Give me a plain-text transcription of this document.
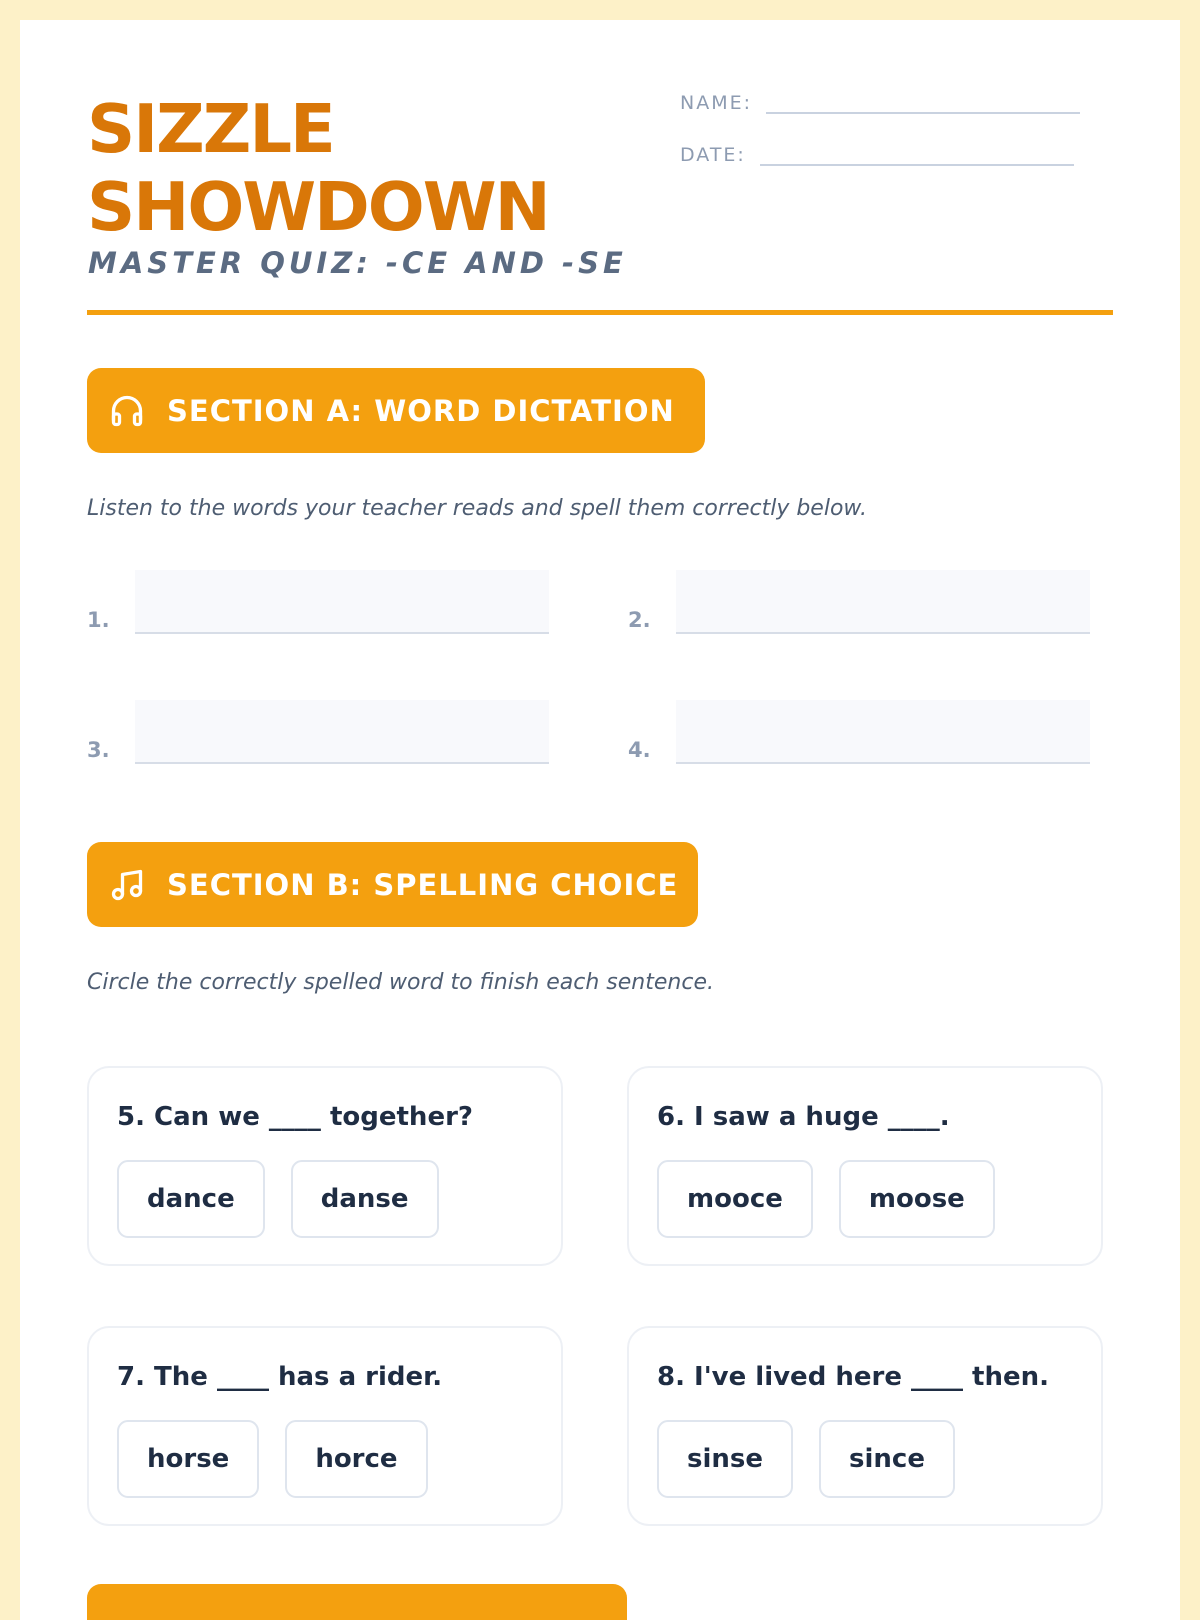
SIZZLE
SHOWDOWN
MASTER QUIZ: -CE AND -SE
NAME:
DATE:
SECTION A: WORD DICTATION
Listen to the words your teacher reads and spell them correctly below.
1.	2.
3.	4.
SECTION B: SPELLING CHOICE
Circle the correctly spelled word to finish each sentence.
5. Can we ____ together?
dance	danse
6. I saw a huge ____.
mooce	moose
7. The ____ has a rider.
horse	horce
8. I've lived here ____ then.
sinse	since
